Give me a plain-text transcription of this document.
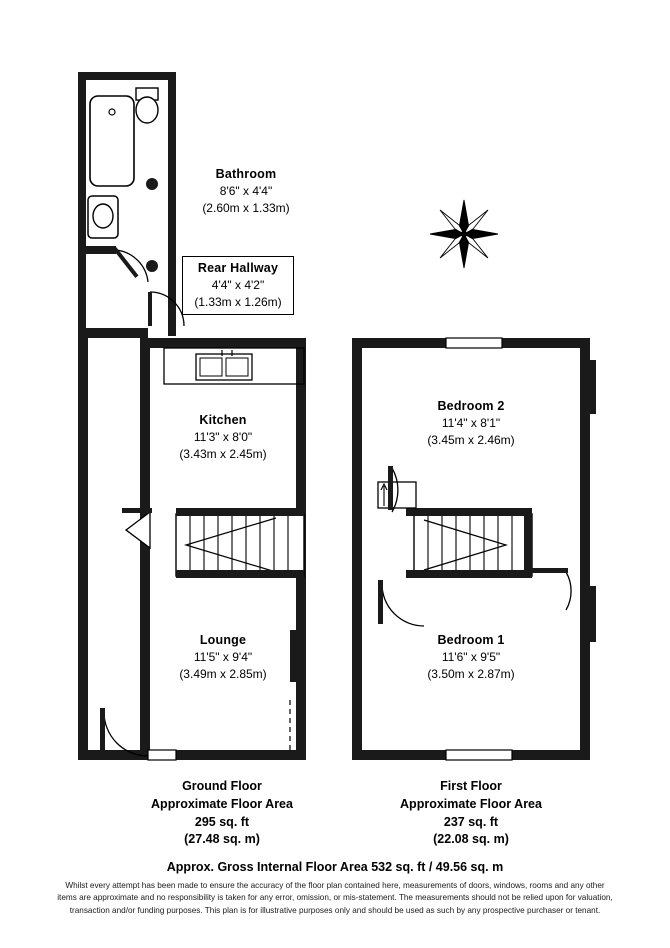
Bathroom
8'6" x 4'4"
(2.60m x 1.33m)
Rear Hallway
4'4" x 4'2"
(1.33m x 1.26m)
Kitchen
11'3" x 8'0"
(3.43m x 2.45m)
Lounge
11'5" x 9'4"
(3.49m x 2.85m)
Bedroom 2
11'4" x 8'1"
(3.45m x 2.46m)
Bedroom 1
11'6" x 9'5"
(3.50m x 2.87m)
Ground Floor
Approximate Floor Area
295 sq. ft
(27.48 sq. m)
First Floor
Approximate Floor Area
237 sq. ft
(22.08 sq. m)
Approx. Gross Internal Floor Area 532 sq. ft / 49.56 sq. m
Whilst every attempt has been made to ensure the accuracy of the floor plan contained here, measurements of doors, windows, rooms and any other items are approximate and no responsibility is taken for any error, omission, or mis-statement. The measurements should not be relied upon for valuation, transaction and/or funding purposes. This plan is for illustrative purposes only and should be used as such by any prospective purchaser or tenant.
